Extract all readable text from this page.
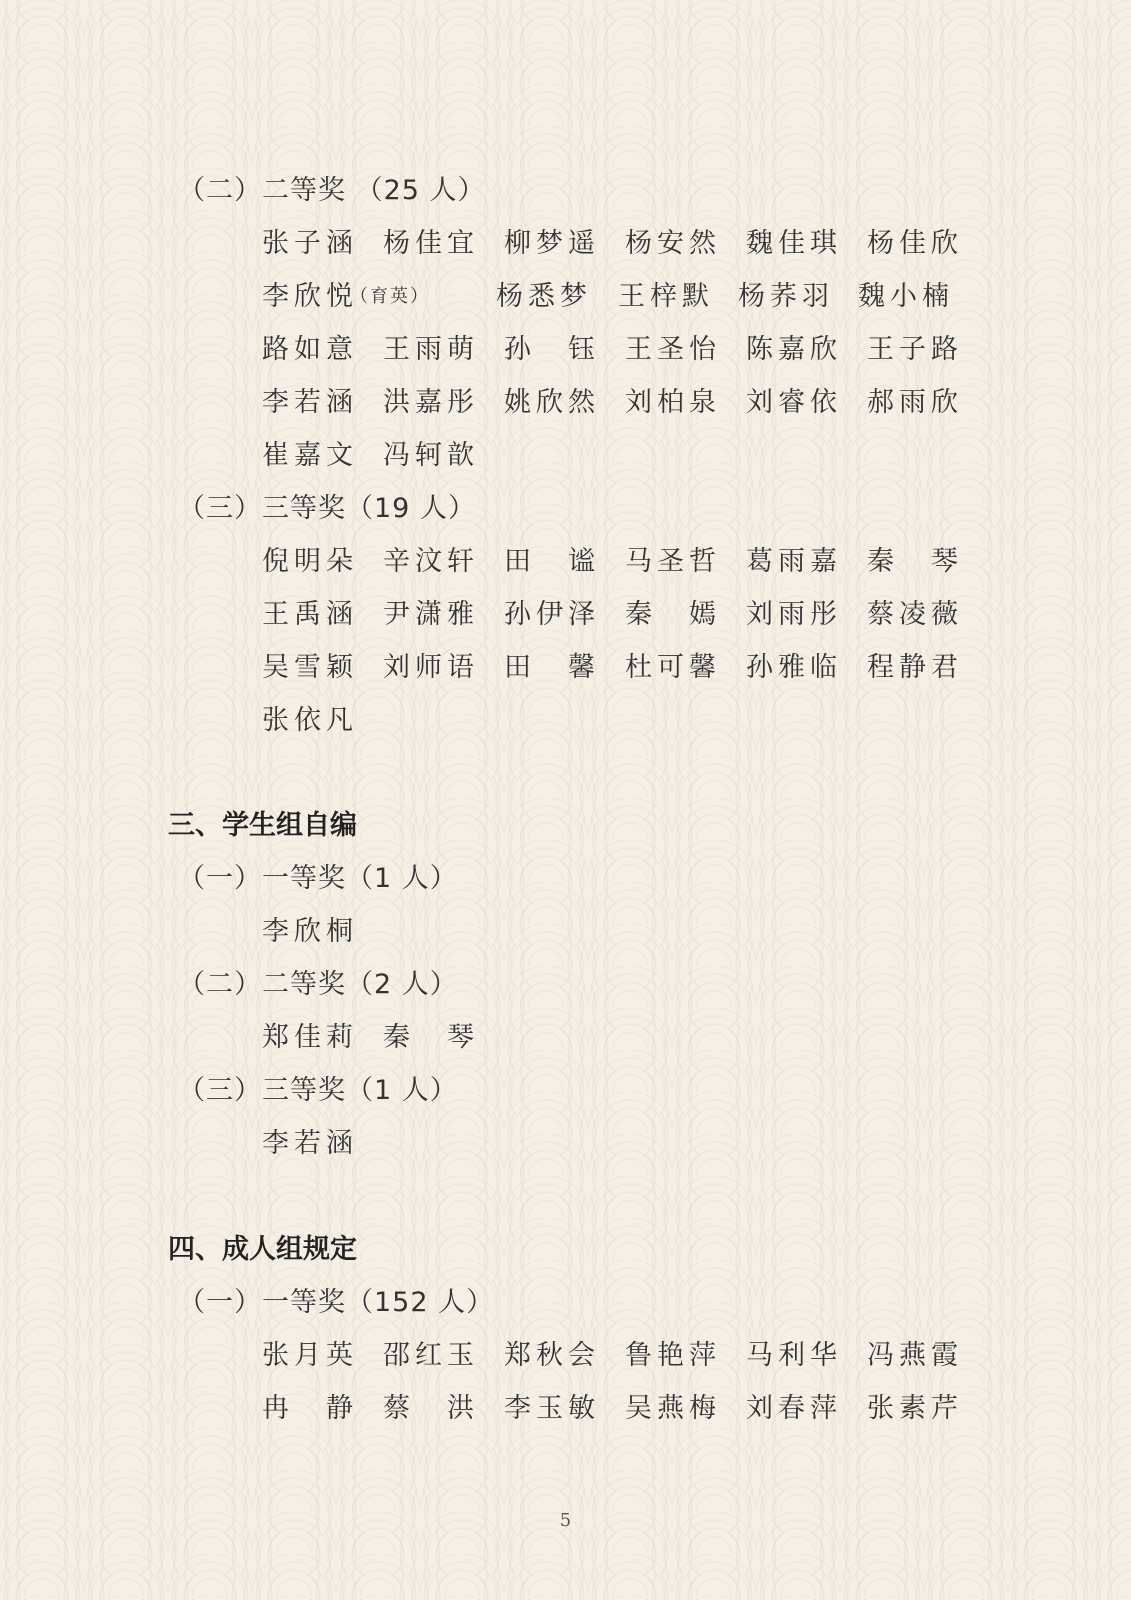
（二）二等奖 （25 人）
张子涵 杨佳宜 柳梦遥 杨安然 魏佳琪 杨佳欣
李欣悦
（育英） 杨悉梦 王梓默 杨荞羽 魏小楠
路如意 王雨萌 孙　钰 王圣怡 陈嘉欣 王子路
李若涵 洪嘉彤 姚欣然 刘柏泉 刘睿依 郝雨欣
崔嘉文 冯轲歆
（三）三等奖（19 人）
倪明朵 辛汶轩 田　谧 马圣哲 葛雨嘉 秦　琴
王禹涵 尹潇雅 孙伊泽 秦　嫣 刘雨彤 蔡凌薇
吴雪颖 刘师语 田　馨 杜可馨 孙雅临 程静君
张依凡
三、学生组自编
（一）一等奖（1 人）
李欣桐
（二）二等奖（2 人）
郑佳莉 秦　琴
（三）三等奖（1 人）
李若涵
四、成人组规定
（一）一等奖（152 人）
张月英 邵红玉 郑秋会 鲁艳萍 马利华 冯燕霞
冉　静 蔡　洪 李玉敏 吴燕梅 刘春萍 张素芹
5
